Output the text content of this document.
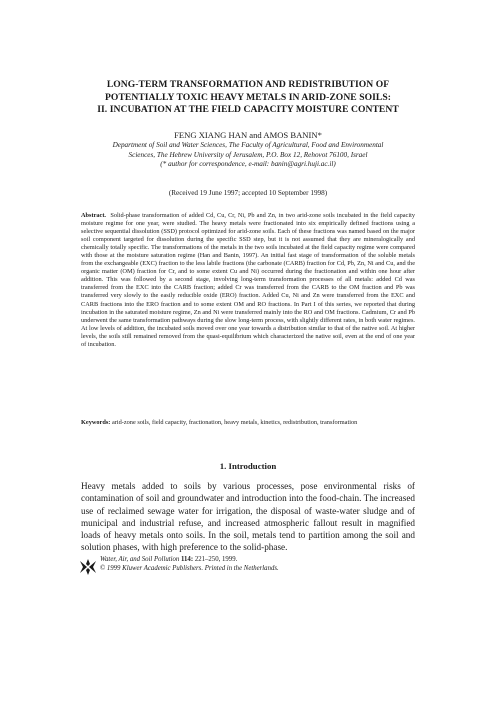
LONG-TERM TRANSFORMATION AND REDISTRIBUTION OF
POTENTIALLY TOXIC HEAVY METALS IN ARID-ZONE SOILS:
II. INCUBATION AT THE FIELD CAPACITY MOISTURE CONTENT
FENG XIANG HAN and AMOS BANIN*
Department of Soil and Water Sciences, The Faculty of Agricultural, Food and Environmental
Sciences, The Hebrew University of Jerusalem, P.O. Box 12, Rehovot 76100, Israel
(* author for correspondence, e-mail: banin@agri.huji.ac.il)
(Received 19 June 1997; accepted 10 September 1998)
Abstract. Solid-phase transformation of added Cd, Cu, Cr, Ni, Pb and Zn, in two arid-zone soils incubated in the field capacity moisture regime for one year, were studied. The heavy metals were fractionated into six empirically defined fractions using a selective sequential dissolution (SSD) protocol optimized for arid-zone soils. Each of these fractions was named based on the major soil component targeted for dissolution during the specific SSD step, but it is not assumed that they are mineralogically and chemically totally specific. The transformations of the metals in the two soils incubated at the field capacity regime were compared with those at the moisture saturation regime (Han and Banin, 1997). An initial fast stage of transformation of the soluble metals from the exchangeable (EXC) fraction to the less labile fractions (the carbonate (CARB) fraction for Cd, Pb, Zn, Ni and Cu, and the organic matter (OM) fraction for Cr, and to some extent Cu and Ni) occurred during the fractionation and within one hour after addition. This was followed by a second stage, involving long-term transformation processes of all metals: added Cd was transferred from the EXC into the CARB fraction; added Cr was transferred from the CARB to the OM fraction and Pb was transferred very slowly to the easily reducible oxide (ERO) fraction. Added Cu, Ni and Zn were transferred from the EXC and CARB fractions into the ERO fraction and to some extent OM and RO fractions. In Part I of this series, we reported that during incubation in the saturated moisture regime, Zn and Ni were transferred mainly into the RO and OM fractions. Cadmium, Cr and Pb underwent the same transformation pathways during the slow long-term process, with slightly different rates, in both water regimes. At low levels of addition, the incubated soils moved over one year towards a distribution similar to that of the native soil. At higher levels, the soils still remained removed from the quasi-equilibrium which characterized the native soil, even at the end of one year of incubation.
Keywords: arid-zone soils, field capacity, fractionation, heavy metals, kinetics, redistribution, transformation
1. Introduction
Heavy metals added to soils by various processes, pose environmental risks of contamination of soil and groundwater and introduction into the food-chain. The increased use of reclaimed sewage water for irrigation, the disposal of waste-water sludge and of municipal and industrial refuse, and increased atmospheric fallout result in magnified loads of heavy metals onto soils. In the soil, metals tend to partition among the soil and solution phases, with high preference to the solid-phase.
Water, Air, and Soil Pollution 114: 221–250, 1999.
© 1999 Kluwer Academic Publishers. Printed in the Netherlands.
